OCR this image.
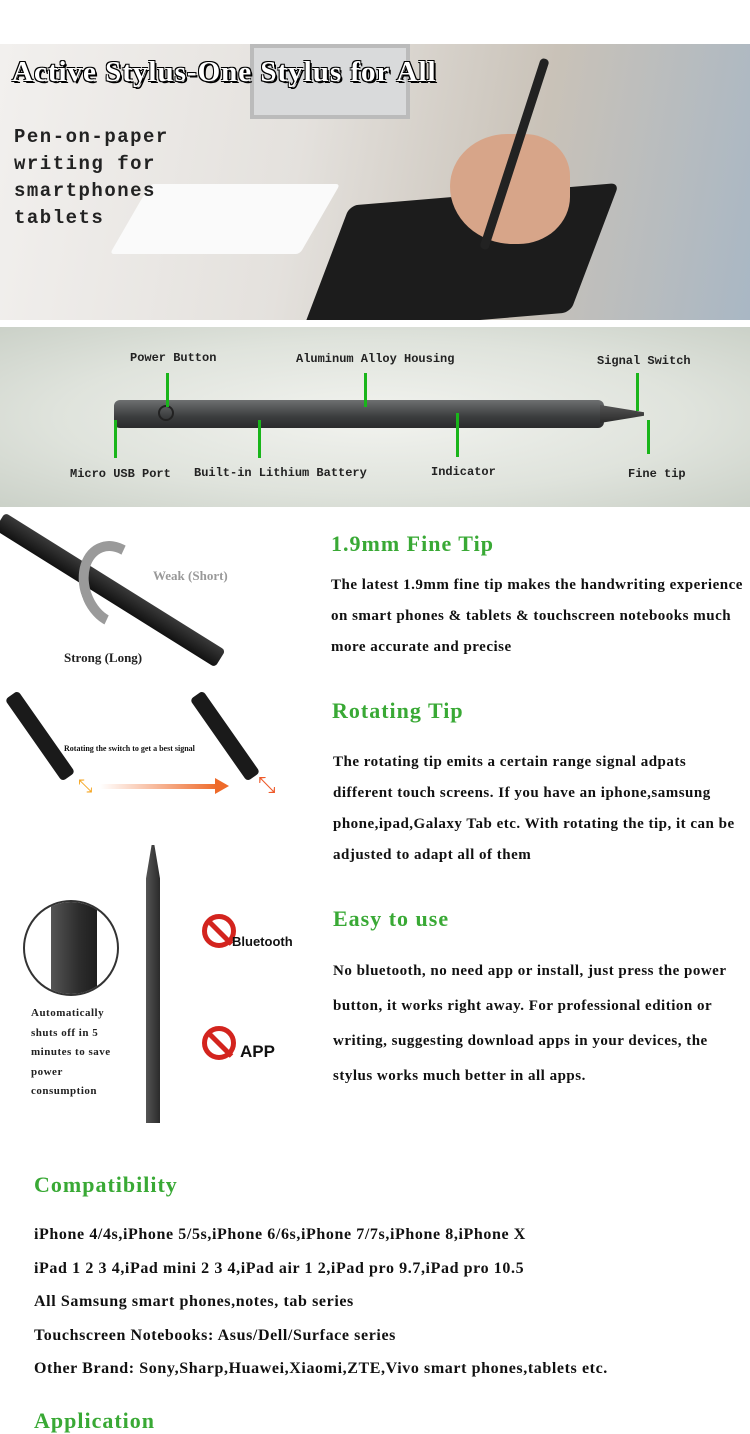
Active Stylus-One Stylus for All
Pen-on-paper
writing for
smartphones
tablets
Power Button	Aluminum Alloy Housing	Signal Switch
Micro USB Port Built-in Lithium Battery	Indicator	Fine tip
Weak (Short)
Strong (Long)
1.9mm Fine Tip
The latest 1.9mm fine tip makes the handwriting experience on smart phones & tablets & touchscreen notebooks much more accurate and precise
Rotating the switch to get a best signal
⤡	⤡
Rotating Tip
The rotating tip emits a certain range signal adpats different touch screens. If you have an iphone,samsung phone,ipad,Galaxy Tab etc. With rotating the tip, it can be adjusted to adapt all of them
Automatically shuts off in 5 minutes to save power consumption
Bluetooth
APP
Easy to use
No bluetooth, no need app or install, just press the power button, it works right away. For professional edition or writing, suggesting download apps in your devices, the stylus works much better in all apps.
Compatibility
iPhone 4/4s,iPhone 5/5s,iPhone 6/6s,iPhone 7/7s,iPhone 8,iPhone X
iPad 1 2 3 4,iPad mini 2 3 4,iPad air 1 2,iPad pro 9.7,iPad pro 10.5
All Samsung smart phones,notes, tab series
Touchscreen Notebooks: Asus/Dell/Surface series
Other Brand: Sony,Sharp,Huawei,Xiaomi,ZTE,Vivo smart phones,tablets etc.
Application
